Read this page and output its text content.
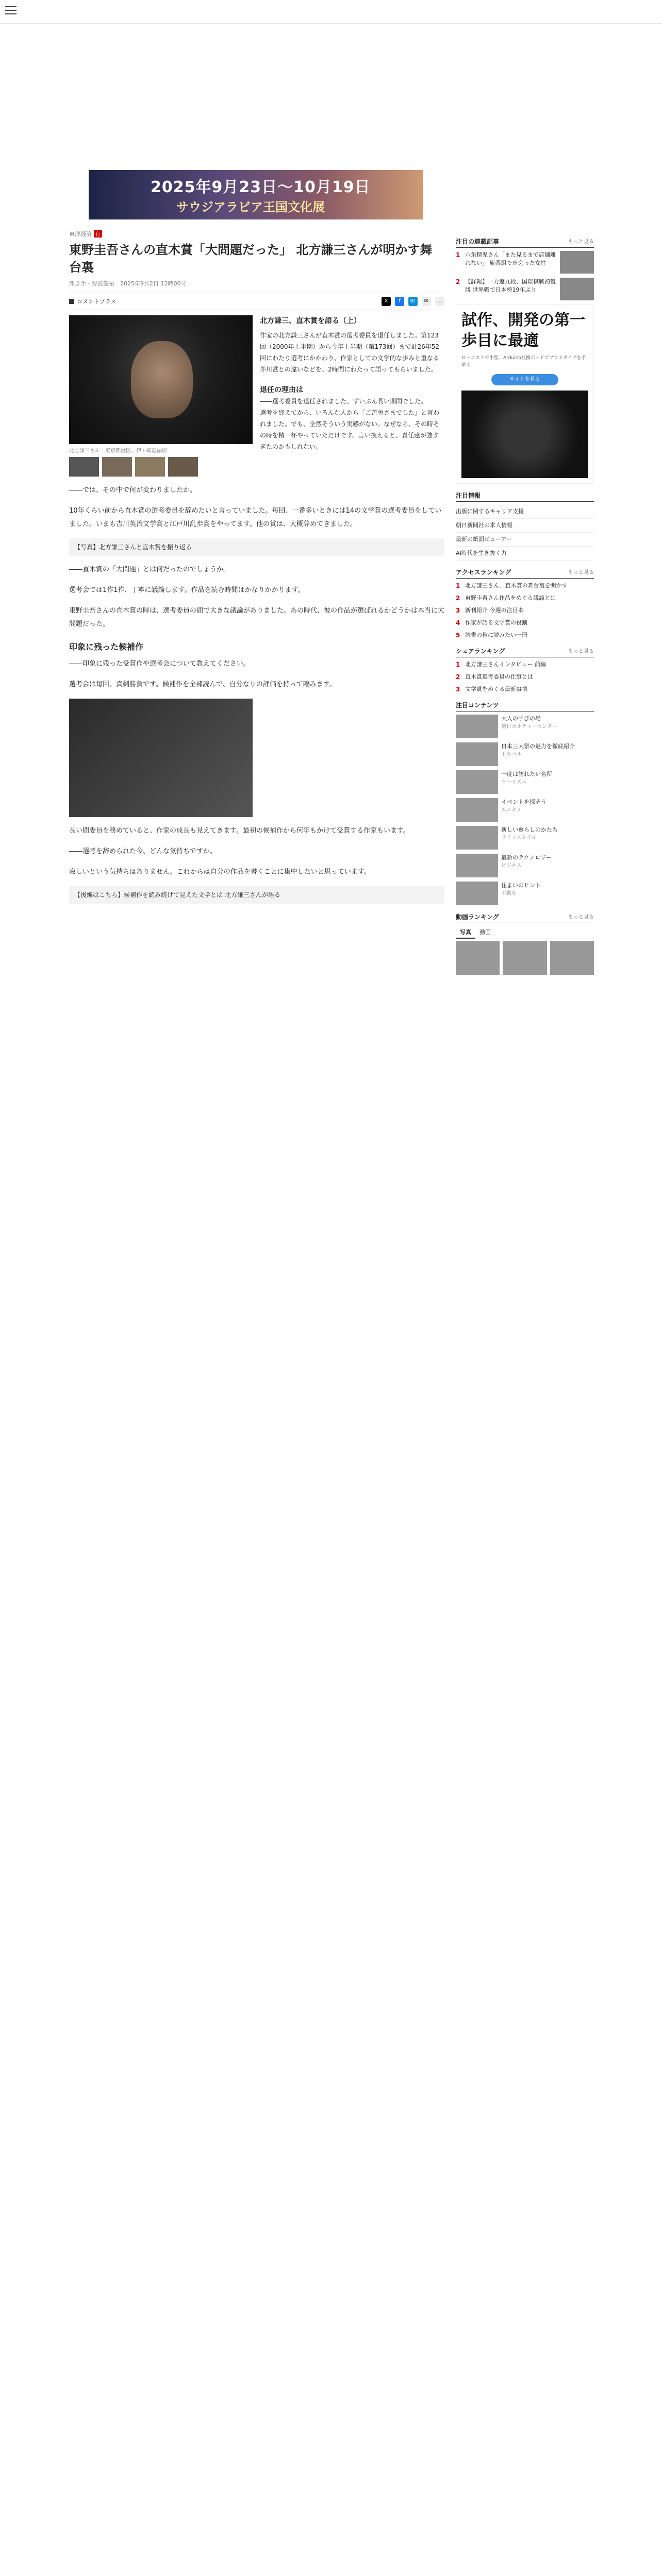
2025年9月23日〜10月19日
サウジアラビア王国文化展
東洋経済 有
東野圭吾さんの直木賞「大問題だった」 北方謙三さんが明かす舞台裏
聞き手・野波健祐　2025年9月2日 12時00分
コメントプラス	X	f	B!	✉	…
北方謙三さん＝東京都港区、伊ヶ崎忍撮影
北方謙三、直木賞を語る（上）
作家の北方謙三さんが直木賞の選考委員を退任しました。第123回（2000年上半期）から今年上半期（第173回）まで計26年52回にわたり選考にかかわり、作家としての文学的な歩みと重なる芥川賞との違いなどを、2時間にわたって語ってもらいました。
退任の理由は

――選考委員を退任されました。ずいぶん長い期間でした。

選考を終えてから、いろんな人から「ご苦労さまでした」と言われました。でも、全然そういう実感がない。なぜなら、その時その時を精一杯やっていただけです。言い換えると、責任感が強すぎたのかもしれない。

――では、その中で何が変わりましたか。

10年くらい前から直木賞の選考委員を辞めたいと言っていました。毎回、一番多いときには14の文学賞の選考委員をしていました。いまも吉川英治文学賞と江戸川乱歩賞をやってます。他の賞は、大概辞めてきました。

【写真】北方謙三さんと直木賞を振り返る

――直木賞の「大問題」とは何だったのでしょうか。

選考会では1作1作、丁寧に議論します。作品を読む時間はかなりかかります。

東野圭吾さんの直木賞の時は、選考委員の間で大きな議論がありました。あの時代、彼の作品が選ばれるかどうかは本当に大問題だった。

印象に残った候補作

――印象に残った受賞作や選考会について教えてください。

選考会は毎回、真剣勝負です。候補作を全部読んで、自分なりの評価を持って臨みます。

長い間委員を務めていると、作家の成長も見えてきます。最初の候補作から何年もかけて受賞する作家もいます。

――選考を辞められた今、どんな気持ちですか。

寂しいという気持ちはありません。これからは自分の作品を書くことに集中したいと思っています。

【後編はこちら】候補作を読み続けて見えた文学とは 北方謙三さんが語る
注目の連載記事	もっと見る
1 六角精児さん「また見るまで店舗離れない」 旅番組で出会った女性
2 【詳報】一力遼九段、国際棋戦初優勝 世界戦で日本勢19年ぶり
試作、開発の第一歩目に最適
ローコストで小型、Arduino互換ボードでプロトタイプを手早く
サイトを見る
注目情報
出版に関するキャリア支援
朝日新聞社の求人情報
最新の紙面ビューアー
AI時代を生き抜く力
アクセスランキング	もっと見る
1 北方謙三さん、直木賞の舞台裏を明かす
2 東野圭吾さん作品をめぐる議論とは
3 新刊紹介 今週の注目本
4 作家が語る文学賞の役割
5 読書の秋に読みたい一冊
シェアランキング	もっと見る
1 北方謙三さんインタビュー 前編
2 直木賞選考委員の仕事とは
3 文学賞をめぐる最新事情
注目コンテンツ
大人の学びの場
朝日カルチャーセンター
日本三大祭の魅力を徹底紹介
トラベル
一度は訪れたい名所
ツーリズム
イベントを探そう
エンタメ
新しい暮らしのかたち
ライフスタイル
最新のテクノロジー
ビジネス
住まいのヒント
不動産
動画ランキング	もっと見る
写真	動画
